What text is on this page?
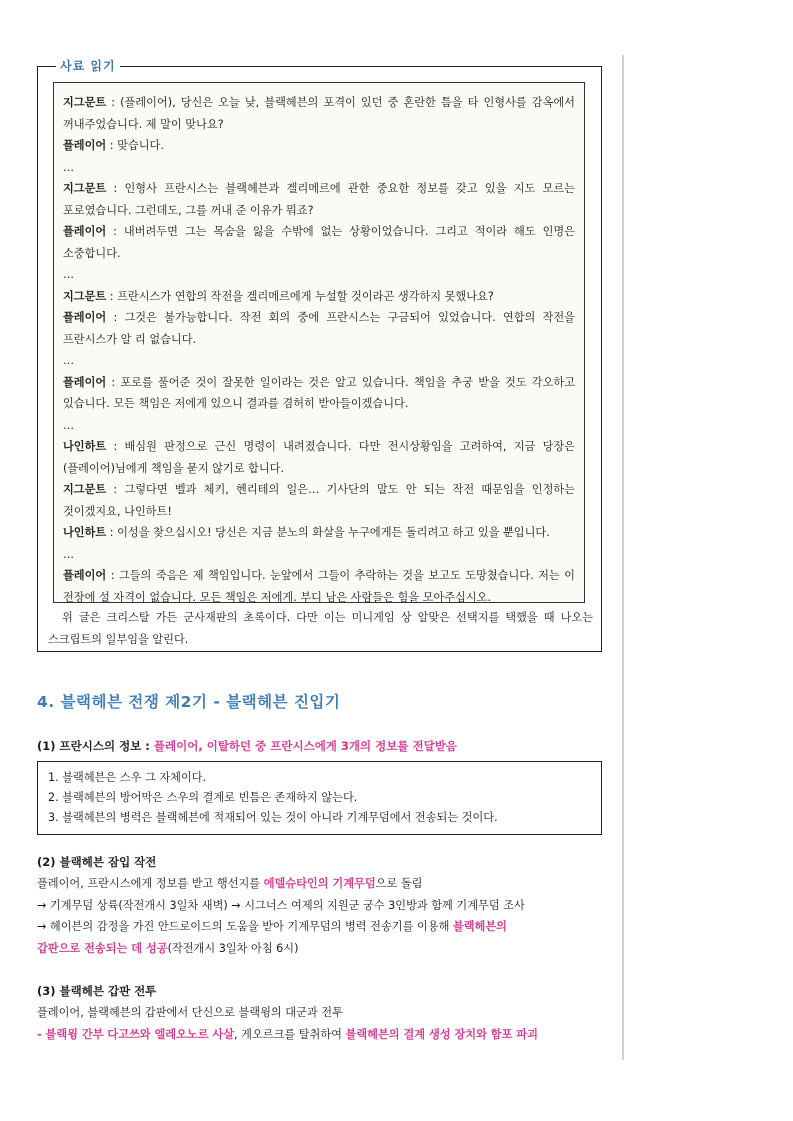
사료 읽기

지그문트 : (플레이어), 당신은 오늘 낮, 블랙헤븐의 포격이 있던 중 혼란한 틈을 타 인형사를 감옥에서 꺼내주었습니다. 제 말이 맞나요?

플레이어 : 맞습니다.

…

지그문트 : 인형사 프란시스는 블랙헤븐과 겔리메르에 관한 중요한 정보를 갖고 있을 지도 모르는 포로였습니다. 그런데도, 그를 꺼내 준 이유가 뭐죠?

플레이어 : 내버려두면 그는 목숨을 잃을 수밖에 없는 상황이었습니다. 그리고 적이라 해도 인명은 소중합니다.

…

지그문트 : 프란시스가 연합의 작전을 겔리메르에게 누설할 것이라곤 생각하지 못했나요?

플레이어 : 그것은 불가능합니다. 작전 회의 중에 프란시스는 구금되어 있었습니다. 연합의 작전을 프란시스가 알 리 없습니다.

…

플레이어 : 포로를 풀어준 것이 잘못한 일이라는 것은 알고 있습니다. 책임을 추궁 받을 것도 각오하고 있습니다. 모든 책임은 저에게 있으니 결과를 겸허히 받아들이겠습니다.

…

나인하트 : 배심원 판정으로 근신 명령이 내려졌습니다. 다만 전시상황임을 고려하여, 지금 당장은 (플레이어)님에게 책임을 묻지 않기로 합니다.

지그문트 : 그렇다면 벨과 체키, 헨리테의 일은… 기사단의 말도 안 되는 작전 때문임을 인정하는 것이겠지요, 나인하트!

나인하트 : 이성을 찾으십시오! 당신은 지금 분노의 화살을 누구에게든 돌리려고 하고 있을 뿐입니다.

…

플레이어 : 그들의 죽음은 제 책임입니다. 눈앞에서 그들이 추락하는 것을 보고도 도망쳤습니다. 저는 이 전장에 설 자격이 없습니다. 모든 책임은 저에게. 부디 남은 사람들은 힘을 모아주십시오.

위 글은 크리스탈 가든 군사재판의 초록이다. 다만 이는 미니게임 상 알맞은 선택지를 택했을 때 나오는 스크립트의 일부임을 알린다.
4. 블랙헤븐 전쟁 제2기 - 블랙헤븐 진입기
(1) 프란시스의 정보 : 플레이어, 이탈하던 중 프란시스에게 3개의 정보를 전달받음

1. 블랙헤븐은 스우 그 자체이다.

2. 블랙헤븐의 방어막은 스우의 결계로 빈틈은 존재하지 않는다.

3. 블랙헤븐의 병력은 블랙헤븐에 적재되어 있는 것이 아니라 기계무덤에서 전송되는 것이다.

(2) 블랙헤븐 잠입 작전

플레이어, 프란시스에게 정보를 받고 행선지를 에델슈타인의 기계무덤으로 돌림

→ 기계무덤 상륙(작전개시 3일차 새벽) → 시그너스 여제의 지원군 궁수 3인방과 함께 기계무덤 조사

→ 헤이븐의 감정을 가진 안드로이드의 도움을 받아 기계무덤의 병력 전송기를 이용해 블랙헤븐의

갑판으로 전송되는 데 성공(작전개시 3일차 아침 6시)

(3) 블랙헤븐 갑판 전투

플레이어, 블랙헤븐의 갑판에서 단신으로 블랙윙의 대군과 전투

- 블랙윙 간부 다고쓰와 엘레오노르 사살, 게오르크를 탈취하여 블랙헤븐의 결계 생성 장치와 함포 파괴
